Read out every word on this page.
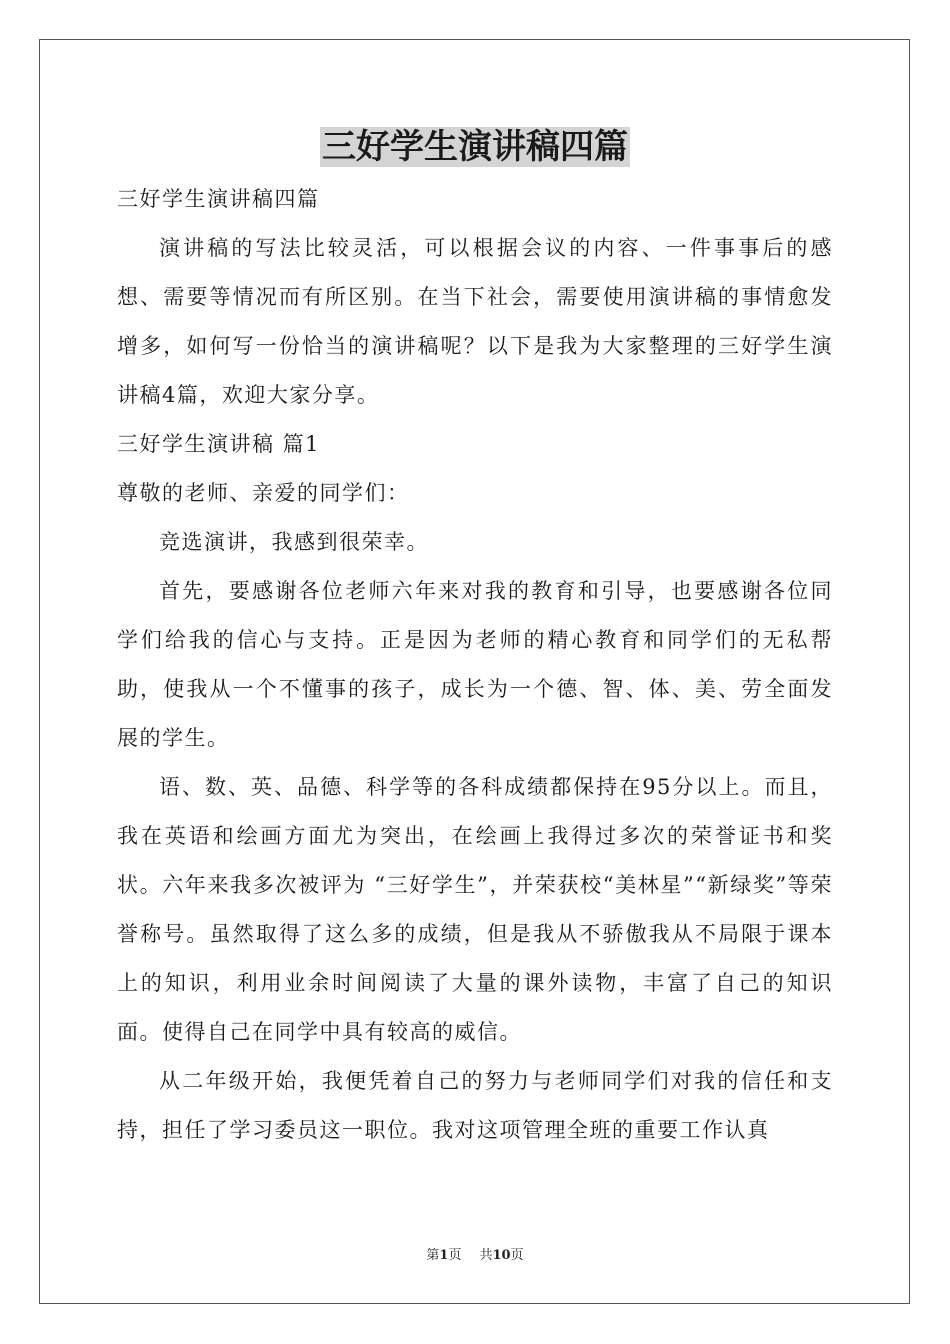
三好学生演讲稿四篇

三好学生演讲稿四篇

演讲稿的写法比较灵活，可以根据会议的内容、一件事事后的感想、需要等情况而有所区别。在当下社会，需要使用演讲稿的事情愈发增多，如何写一份恰当的演讲稿呢？以下是我为大家整理的三好学生演讲稿4篇，欢迎大家分享。

三好学生演讲稿 篇1

尊敬的老师、亲爱的同学们：

竞选演讲，我感到很荣幸。

首先，要感谢各位老师六年来对我的教育和引导，也要感谢各位同学们给我的信心与支持。正是因为老师的精心教育和同学们的无私帮助，使我从一个不懂事的孩子，成长为一个德、智、体、美、劳全面发展的学生。

语、数、英、品德、科学等的各科成绩都保持在95分以上。而且，我在英语和绘画方面尤为突出，在绘画上我得过多次的荣誉证书和奖状。六年来我多次被评为 “三好学生”，并荣获校“美林星”“新绿奖”等荣誉称号。虽然取得了这么多的成绩，但是我从不骄傲我从不局限于课本上的知识，利用业余时间阅读了大量的课外读物，丰富了自己的知识面。使得自己在同学中具有较高的威信。

从二年级开始，我便凭着自己的努力与老师同学们对我的信任和支持，担任了学习委员这一职位。我对这项管理全班的重要工作认真

第1页 共10页
